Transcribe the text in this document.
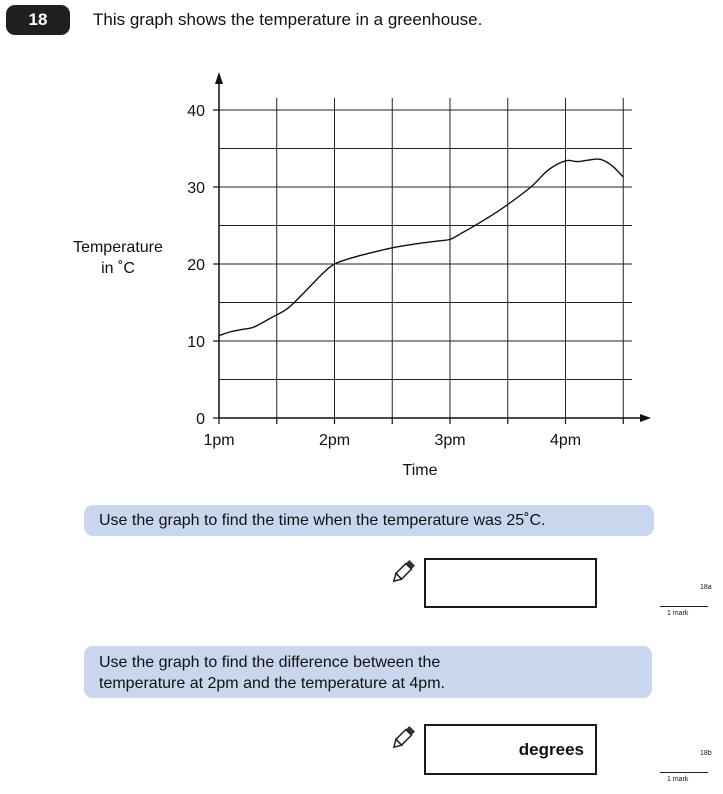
18	This graph shows the temperature in a greenhouse.
0
10
20
30
40
1pm	2pm	3pm	4pm
Temperature
in ˚C
Time
Use the graph to find the time when the temperature was 25˚C.
18a
1 mark
Use the graph to find the difference between the
temperature at 2pm and the temperature at 4pm.
degrees	18b
1 mark
